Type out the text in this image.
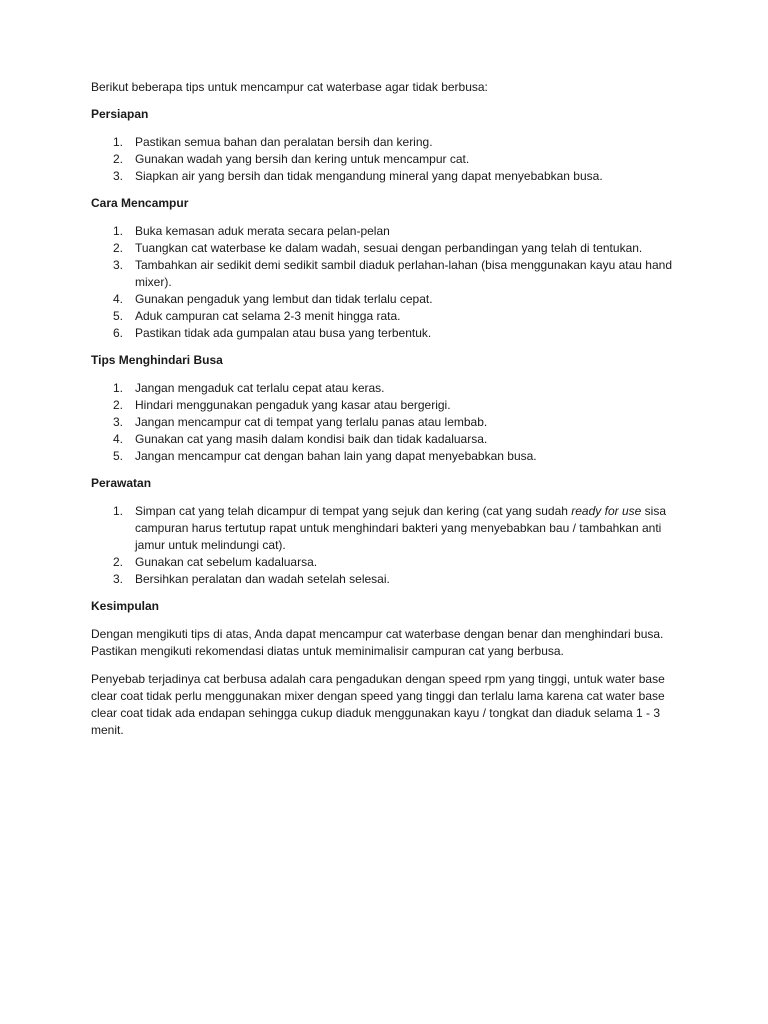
Berikut beberapa tips untuk mencampur cat waterbase agar tidak berbusa:

Persiapan

1. Pastikan semua bahan dan peralatan bersih dan kering.
2. Gunakan wadah yang bersih dan kering untuk mencampur cat.
3. Siapkan air yang bersih dan tidak mengandung mineral yang dapat menyebabkan busa.

Cara Mencampur

1. Buka kemasan aduk merata secara pelan-pelan
2. Tuangkan cat waterbase ke dalam wadah, sesuai dengan perbandingan yang telah di tentukan.
3. Tambahkan air sedikit demi sedikit sambil diaduk perlahan-lahan (bisa menggunakan kayu atau hand mixer).
4. Gunakan pengaduk yang lembut dan tidak terlalu cepat.
5. Aduk campuran cat selama 2-3 menit hingga rata.
6. Pastikan tidak ada gumpalan atau busa yang terbentuk.

Tips Menghindari Busa

1. Jangan mengaduk cat terlalu cepat atau keras.
2. Hindari menggunakan pengaduk yang kasar atau bergerigi.
3. Jangan mencampur cat di tempat yang terlalu panas atau lembab.
4. Gunakan cat yang masih dalam kondisi baik dan tidak kadaluarsa.
5. Jangan mencampur cat dengan bahan lain yang dapat menyebabkan busa.

Perawatan

1. Simpan cat yang telah dicampur di tempat yang sejuk dan kering (cat yang sudah ready for use sisa campuran harus tertutup rapat untuk menghindari bakteri yang menyebabkan bau / tambahkan anti jamur untuk melindungi cat).
2. Gunakan cat sebelum kadaluarsa.
3. Bersihkan peralatan dan wadah setelah selesai.

Kesimpulan

Dengan mengikuti tips di atas, Anda dapat mencampur cat waterbase dengan benar dan menghindari busa. Pastikan mengikuti rekomendasi diatas untuk meminimalisir campuran cat yang berbusa.

Penyebab terjadinya cat berbusa adalah cara pengadukan dengan speed rpm yang tinggi, untuk water base clear coat tidak perlu menggunakan mixer dengan speed yang tinggi dan terlalu lama karena cat water base clear coat tidak ada endapan sehingga cukup diaduk menggunakan kayu / tongkat dan diaduk selama 1 - 3 menit.
